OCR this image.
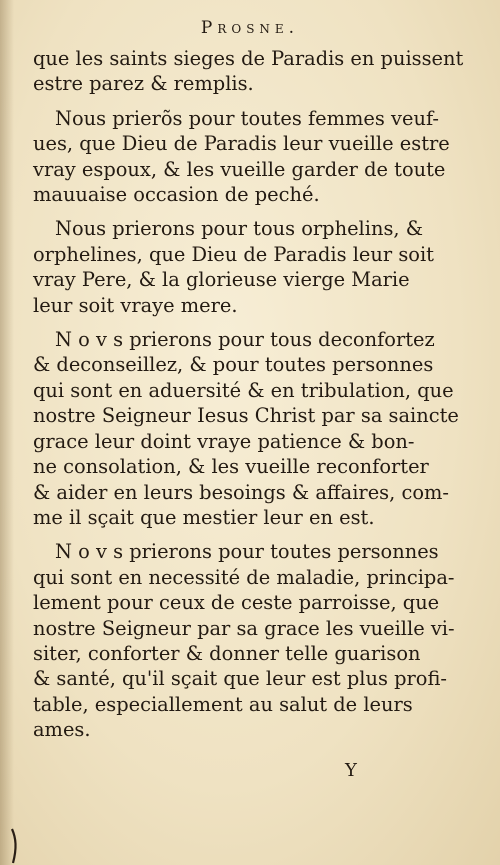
Prosne.
que les saints sieges de Paradis en puissent
estre parez & remplis.
Nous prierõs pour toutes femmes veuf-
ues, que Dieu de Paradis leur vueille estre
vray espoux, & les vueille garder de toute
mauuaise occasion de peché.
Nous prierons pour tous orphelins, &
orphelines, que Dieu de Paradis leur soit
vray Pere, & la glorieuse vierge Marie
leur soit vraye mere.
N o v s prierons pour tous deconfortez
& deconseillez, & pour toutes personnes
qui sont en aduersité & en tribulation, que
nostre Seigneur Iesus Christ par sa saincte
grace leur doint vraye patience & bon-
ne consolation, & les vueille reconforter
& aider en leurs besoings & affaires, com-
me il sçait que mestier leur en est.
N o v s prierons pour toutes personnes
qui sont en necessité de maladie, principa-
lement pour ceux de ceste parroisse, que
nostre Seigneur par sa grace les vueille vi-
siter, conforter & donner telle guarison
& santé, qu'il sçait que leur est plus profi-
table, especiallement au salut de leurs
ames.
Y
